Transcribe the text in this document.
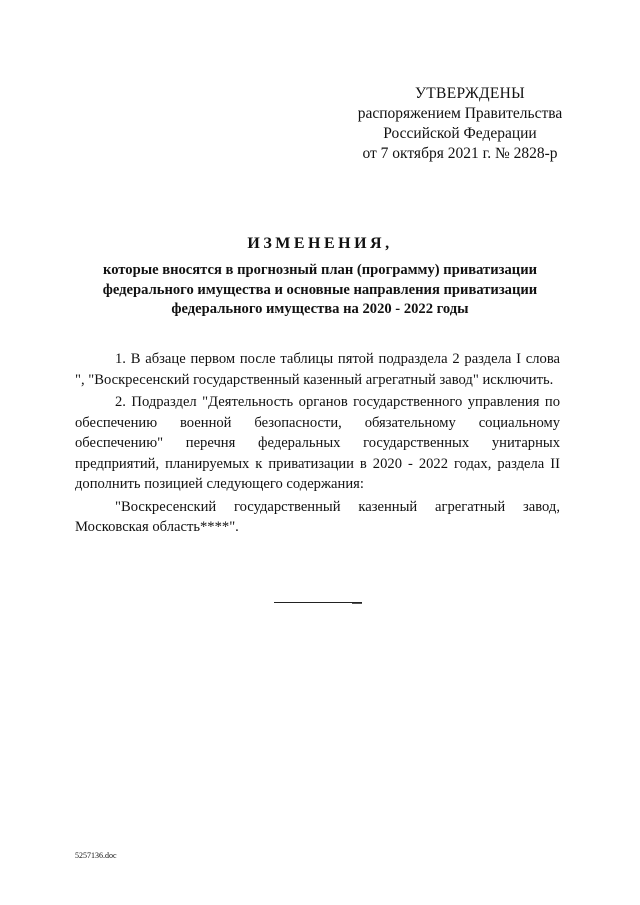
УТВЕРЖДЕНЫ
распоряжением Правительства
Российской Федерации
от 7 октября 2021 г. № 2828-р
ИЗМЕНЕНИЯ,
которые вносятся в прогнозный план (программу) приватизации
федерального имущества и основные направления приватизации
федерального имущества на 2020 - 2022 годы

1. В абзаце первом после таблицы пятой подраздела 2 раздела I слова ", "Воскресенский государственный казенный агрегатный завод" исключить.

2. Подраздел "Деятельность органов государственного управления по обеспечению военной безопасности, обязательному социальному обеспечению" перечня федеральных государственных унитарных предприятий, планируемых к приватизации в 2020 - 2022 годах, раздела II дополнить позицией следующего содержания:

"Воскресенский государственный казенный агрегатный завод, Московская область****".

5257136.doc
